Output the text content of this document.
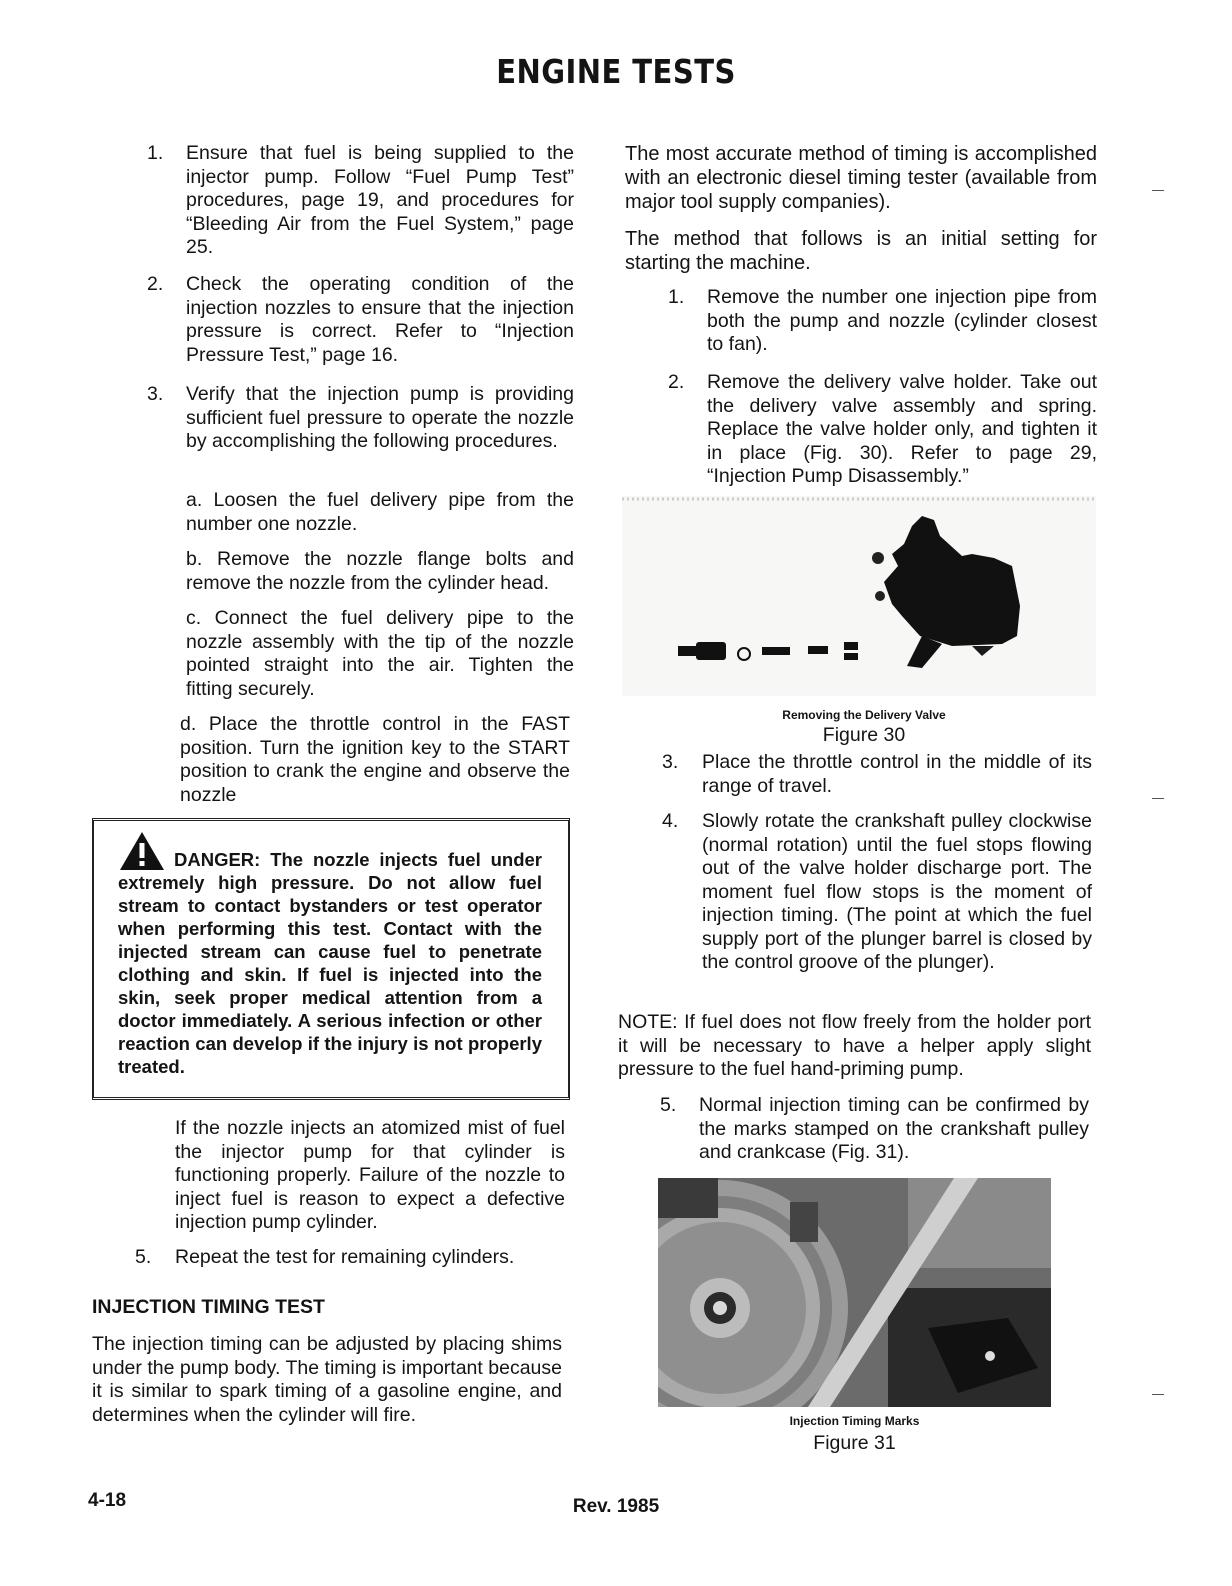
ENGINE TESTS
1. Ensure that fuel is being supplied to the injector pump. Follow “Fuel Pump Test” procedures, page 19, and procedures for “Bleeding Air from the Fuel System,” page 25.
2. Check the operating condition of the injection nozzles to ensure that the injection pressure is correct. Refer to “Injection Pressure Test,” page 16.
3. Verify that the injection pump is providing sufficient fuel pressure to operate the nozzle by accomplishing the following procedures.
a. Loosen the fuel delivery pipe from the number one nozzle.
b. Remove the nozzle flange bolts and remove the nozzle from the cylinder head.
c. Connect the fuel delivery pipe to the nozzle assembly with the tip of the nozzle pointed straight into the air. Tighten the fitting securely.
d. Place the throttle control in the FAST position. Turn the ignition key to the START position to crank the engine and observe the nozzle
DANGER: The nozzle injects fuel under extremely high pressure. Do not allow fuel stream to contact bystanders or test operator when performing this test. Contact with the injected stream can cause fuel to penetrate clothing and skin. If fuel is injected into the skin, seek proper medical attention from a doctor immediately. A serious infection or other reaction can develop if the injury is not properly treated.
If the nozzle injects an atomized mist of fuel the injector pump for that cylinder is functioning properly. Failure of the nozzle to inject fuel is reason to expect a defective injection pump cylinder.
5. Repeat the test for remaining cylinders.
INJECTION TIMING TEST
The injection timing can be adjusted by placing shims under the pump body. The timing is important because it is similar to spark timing of a gasoline engine, and determines when the cylinder will fire.
The most accurate method of timing is accomplished with an electronic diesel timing tester (available from major tool supply companies).
The method that follows is an initial setting for starting the machine.
1. Remove the number one injection pipe from both the pump and nozzle (cylinder closest to fan).
2. Remove the delivery valve holder. Take out the delivery valve assembly and spring. Replace the valve holder only, and tighten it in place (Fig. 30). Refer to page 29, “Injection Pump Disassembly.”
Removing the Delivery Valve
Figure 30
3. Place the throttle control in the middle of its range of travel.
4. Slowly rotate the crankshaft pulley clockwise (normal rotation) until the fuel stops flowing out of the valve holder discharge port. The moment fuel flow stops is the moment of injection timing. (The point at which the fuel supply port of the plunger barrel is closed by the control groove of the plunger).
NOTE: If fuel does not flow freely from the holder port it will be necessary to have a helper apply slight pressure to the fuel hand-priming pump.
5. Normal injection timing can be confirmed by the marks stamped on the crankshaft pulley and crankcase (Fig. 31).
Injection Timing Marks
Figure 31
4-18	Rev. 1985
